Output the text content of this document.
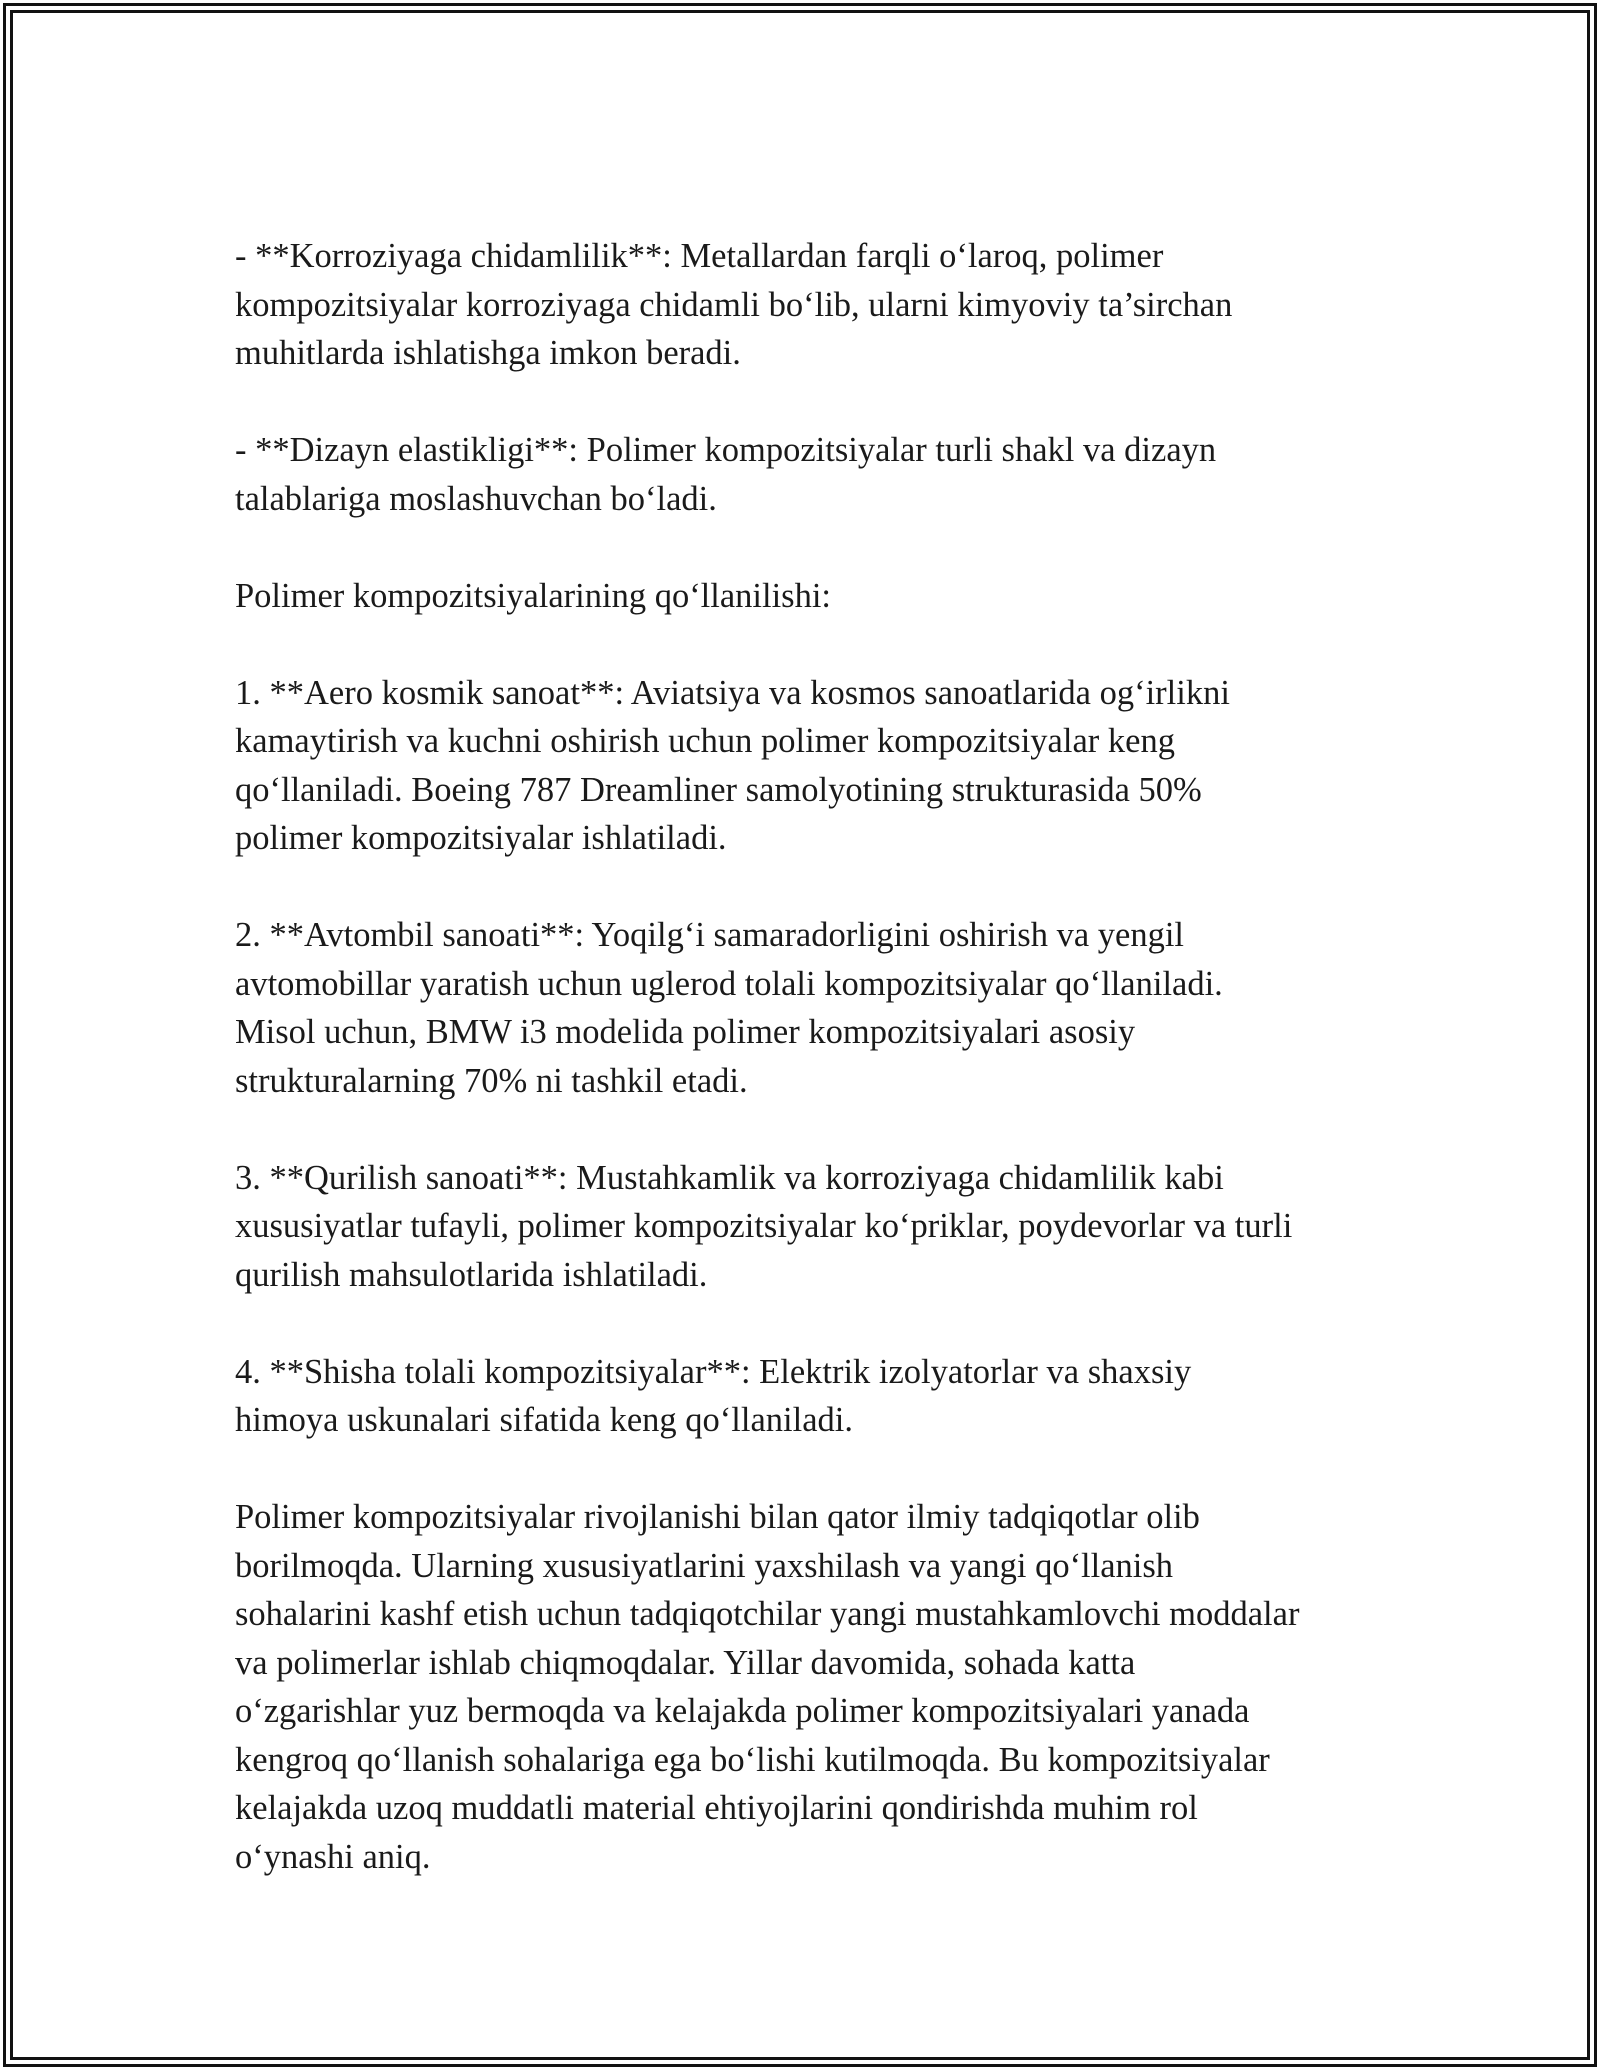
- **Korroziyaga chidamlilik**: Metallardan farqli o‘laroq, polimer
kompozitsiyalar korroziyaga chidamli bo‘lib, ularni kimyoviy ta’sirchan
muhitlarda ishlatishga imkon beradi.

- **Dizayn elastikligi**: Polimer kompozitsiyalar turli shakl va dizayn
talablariga moslashuvchan bo‘ladi.

Polimer kompozitsiyalarining qo‘llanilishi:

1. **Aero kosmik sanoat**: Aviatsiya va kosmos sanoatlarida og‘irlikni
kamaytirish va kuchni oshirish uchun polimer kompozitsiyalar keng
qo‘llaniladi. Boeing 787 Dreamliner samolyotining strukturasida 50%
polimer kompozitsiyalar ishlatiladi.

2. **Avtombil sanoati**: Yoqilg‘i samaradorligini oshirish va yengil
avtomobillar yaratish uchun uglerod tolali kompozitsiyalar qo‘llaniladi.
Misol uchun, BMW i3 modelida polimer kompozitsiyalari asosiy
strukturalarning 70% ni tashkil etadi.

3. **Qurilish sanoati**: Mustahkamlik va korroziyaga chidamlilik kabi
xususiyatlar tufayli, polimer kompozitsiyalar ko‘priklar, poydevorlar va turli
qurilish mahsulotlarida ishlatiladi.

4. **Shisha tolali kompozitsiyalar**: Elektrik izolyatorlar va shaxsiy
himoya uskunalari sifatida keng qo‘llaniladi.

Polimer kompozitsiyalar rivojlanishi bilan qator ilmiy tadqiqotlar olib
borilmoqda. Ularning xususiyatlarini yaxshilash va yangi qo‘llanish
sohalarini kashf etish uchun tadqiqotchilar yangi mustahkamlovchi moddalar
va polimerlar ishlab chiqmoqdalar. Yillar davomida, sohada katta
o‘zgarishlar yuz bermoqda va kelajakda polimer kompozitsiyalari yanada
kengroq qo‘llanish sohalariga ega bo‘lishi kutilmoqda. Bu kompozitsiyalar
kelajakda uzoq muddatli material ehtiyojlarini qondirishda muhim rol
o‘ynashi aniq.
